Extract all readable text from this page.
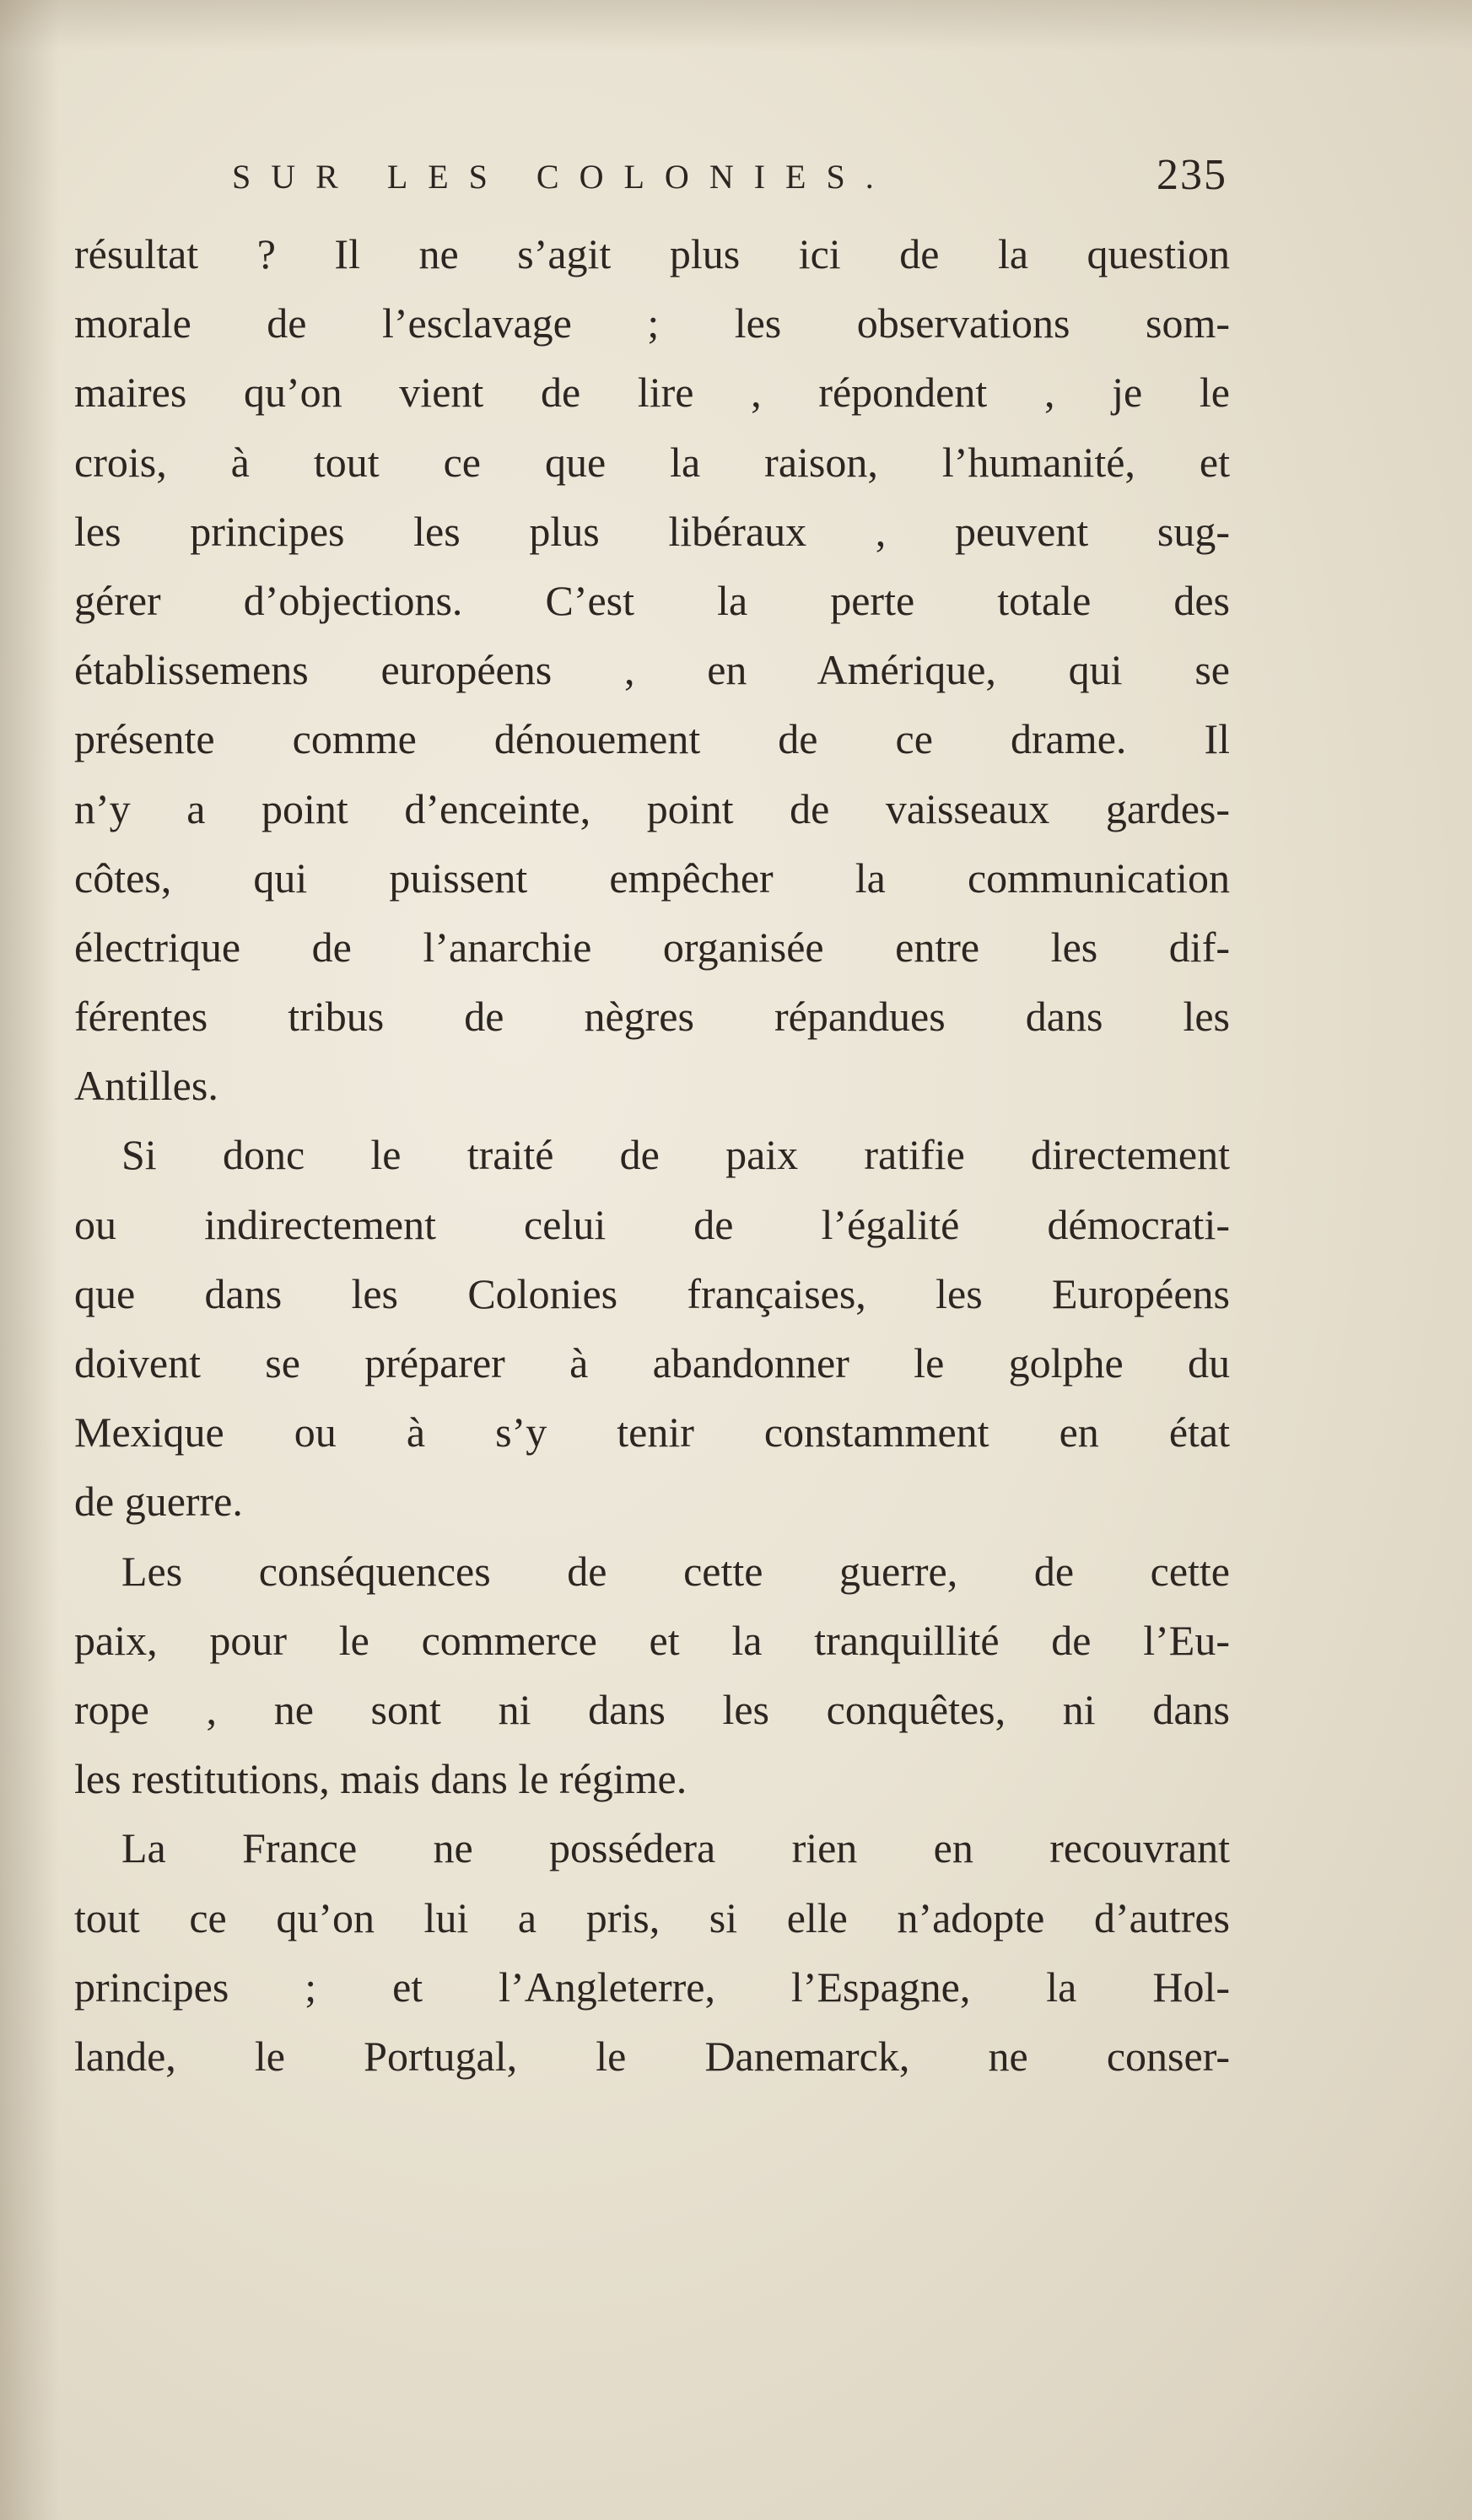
SUR LES COLONIES.	235
résultat ? Il ne s’agit plus ici de la question
morale de l’esclavage ; les observations som-
maires qu’on vient de lire , répondent , je le
crois, à tout ce que la raison, l’humanité, et
les principes les plus libéraux , peuvent sug-
gérer d’objections. C’est la perte totale des
établissemens européens , en Amérique, qui se
présente comme dénouement de ce drame. Il
n’y a point d’enceinte, point de vaisseaux gardes-
côtes, qui puissent empêcher la communication
électrique de l’anarchie organisée entre les dif-
férentes tribus de nègres répandues dans les
Antilles.
Si donc le traité de paix ratifie directement
ou indirectement celui de l’égalité démocrati-
que dans les Colonies françaises, les Européens
doivent se préparer à abandonner le golphe du
Mexique ou à s’y tenir constamment en état
de guerre.
Les conséquences de cette guerre, de cette
paix, pour le commerce et la tranquillité de l’Eu-
rope , ne sont ni dans les conquêtes, ni dans
les restitutions, mais dans le régime.
La France ne possédera rien en recouvrant
tout ce qu’on lui a pris, si elle n’adopte d’autres
principes ; et l’Angleterre, l’Espagne, la Hol-
lande, le Portugal, le Danemarck, ne conser-
